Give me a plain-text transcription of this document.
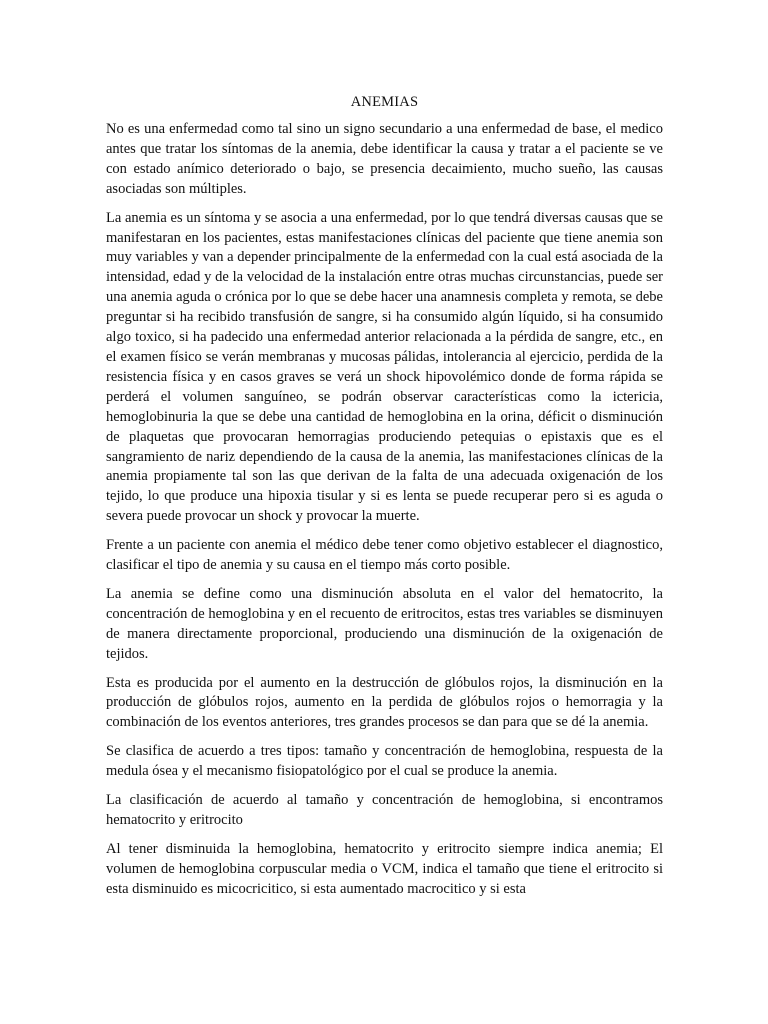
ANEMIAS

No es una enfermedad como tal sino un signo secundario a una enfermedad de base, el medico antes que tratar los síntomas de la anemia, debe identificar la causa y tratar a el paciente se ve con estado anímico deteriorado o bajo, se presencia decaimiento, mucho sueño, las causas asociadas son múltiples.

La anemia es un síntoma y se asocia a una enfermedad, por lo que tendrá diversas causas que se manifestaran en los pacientes, estas manifestaciones clínicas del paciente que tiene anemia son muy variables y van a depender principalmente de la enfermedad con la cual está asociada de la intensidad, edad y de la velocidad de la instalación entre otras muchas circunstancias, puede ser una anemia aguda o crónica por lo que se debe hacer una anamnesis completa y remota, se debe preguntar si ha recibido transfusión de sangre, si ha consumido algún líquido, si ha consumido algo toxico, si ha padecido una enfermedad anterior relacionada a la pérdida de sangre, etc., en el examen físico se verán membranas y mucosas pálidas, intolerancia al ejercicio, perdida de la resistencia física y en casos graves se verá un shock hipovolémico donde de forma rápida se perderá el volumen sanguíneo, se podrán observar características como la ictericia, hemoglobinuria la que se debe una cantidad de hemoglobina en la orina, déficit o disminución de plaquetas que provocaran hemorragias produciendo petequias o epistaxis que es el sangramiento de nariz dependiendo de la causa de la anemia, las manifestaciones clínicas de la anemia propiamente tal son las que derivan de la falta de una adecuada oxigenación de los tejido, lo que produce una hipoxia tisular y si es lenta se puede recuperar pero si es aguda o severa puede provocar un shock y provocar la muerte.

Frente a un paciente con anemia el médico debe tener como objetivo establecer el diagnostico, clasificar el tipo de anemia y su causa en el tiempo más corto posible.

La anemia se define como una disminución absoluta en el valor del hematocrito, la concentración de hemoglobina y en el recuento de eritrocitos, estas tres variables se disminuyen de manera directamente proporcional, produciendo una disminución de la oxigenación de tejidos.

Esta es producida por el aumento en la destrucción de glóbulos rojos, la disminución en la producción de glóbulos rojos, aumento en la perdida de glóbulos rojos o hemorragia y la combinación de los eventos anteriores, tres grandes procesos se dan para que se dé la anemia.

Se clasifica de acuerdo a tres tipos: tamaño y concentración de hemoglobina, respuesta de la medula ósea y el mecanismo fisiopatológico por el cual se produce la anemia.

La clasificación de acuerdo al tamaño y concentración de hemoglobina, si encontramos hematocrito y eritrocito

Al tener disminuida la hemoglobina, hematocrito y eritrocito siempre indica anemia; El volumen de hemoglobina corpuscular media o VCM, indica el tamaño que tiene el eritrocito si esta disminuido es micocricitico, si esta aumentado macrocitico y si esta
